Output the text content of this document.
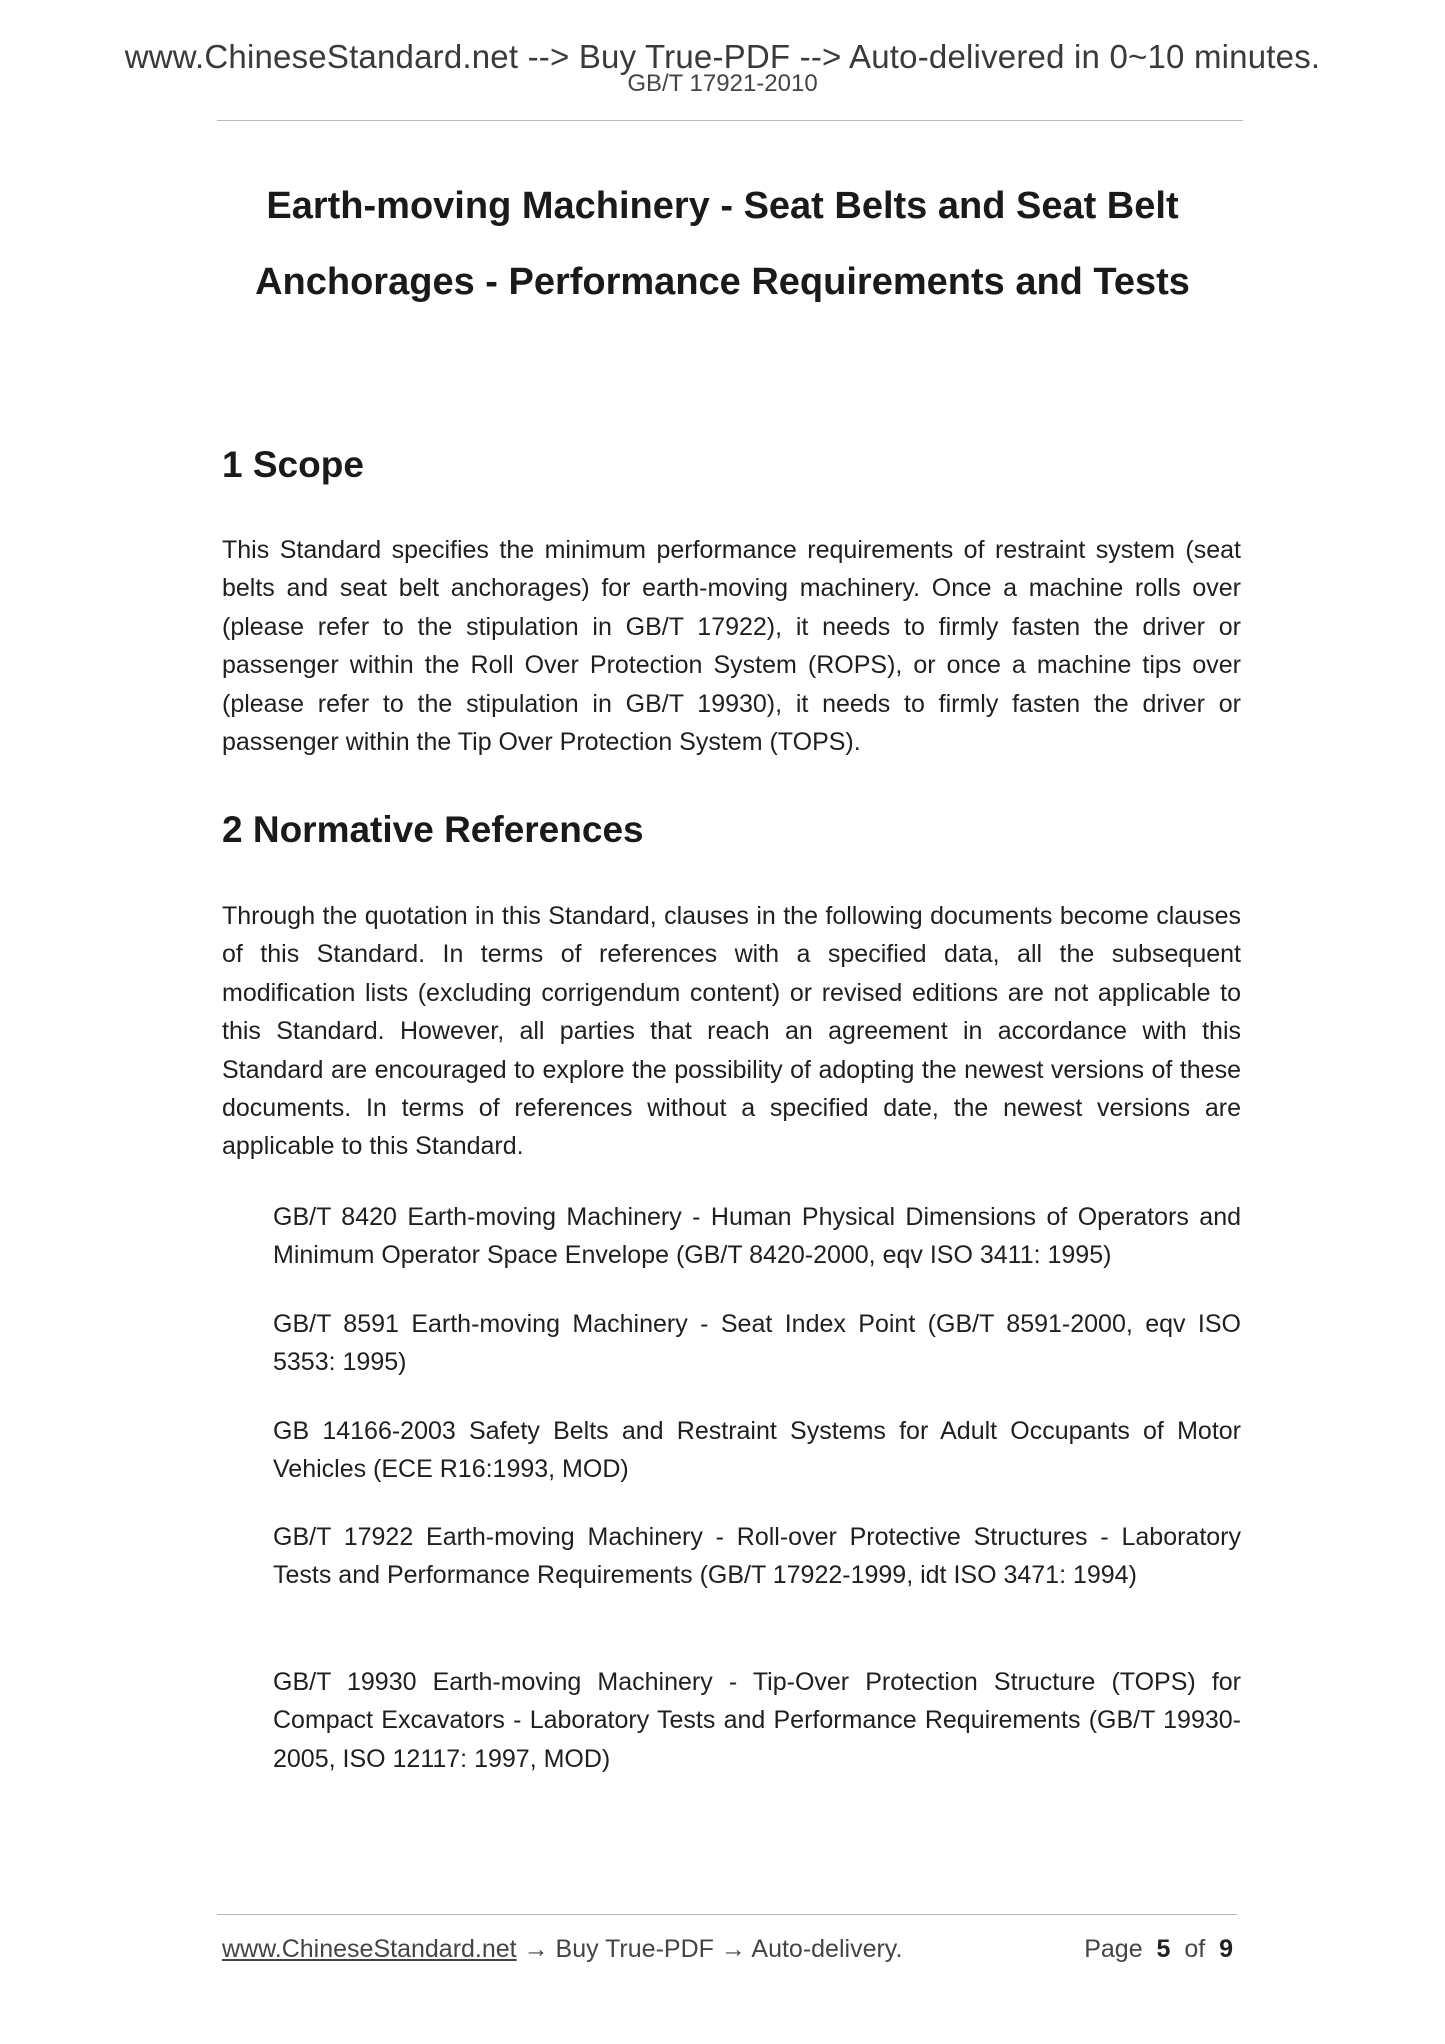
www.ChineseStandard.net --> Buy True-PDF --> Auto-delivered in 0~10 minutes.
GB/T 17921-2010
Earth-moving Machinery - Seat Belts and Seat Belt
Anchorages - Performance Requirements and Tests
1 Scope
This Standard specifies the minimum performance requirements of restraint system (seat belts and seat belt anchorages) for earth-moving machinery. Once a machine rolls over (please refer to the stipulation in GB/T 17922), it needs to firmly fasten the driver or passenger within the Roll Over Protection System (ROPS), or once a machine tips over (please refer to the stipulation in GB/T 19930), it needs to firmly fasten the driver or passenger within the Tip Over Protection System (TOPS).
2 Normative References
Through the quotation in this Standard, clauses in the following documents become clauses of this Standard. In terms of references with a specified data, all the subsequent modification lists (excluding corrigendum content) or revised editions are not applicable to this Standard. However, all parties that reach an agreement in accordance with this Standard are encouraged to explore the possibility of adopting the newest versions of these documents. In terms of references without a specified date, the newest versions are applicable to this Standard.
GB/T 8420 Earth-moving Machinery - Human Physical Dimensions of Operators and Minimum Operator Space Envelope (GB/T 8420-2000, eqv ISO 3411: 1995)
GB/T 8591 Earth-moving Machinery - Seat Index Point (GB/T 8591-2000, eqv ISO 5353: 1995)
GB 14166-2003 Safety Belts and Restraint Systems for Adult Occupants of Motor Vehicles (ECE R16:1993, MOD)
GB/T 17922 Earth-moving Machinery - Roll-over Protective Structures - Laboratory Tests and Performance Requirements (GB/T 17922-1999, idt ISO 3471: 1994)
GB/T 19930 Earth-moving Machinery - Tip-Over Protection Structure (TOPS) for Compact Excavators - Laboratory Tests and Performance Requirements (GB/T 19930-2005, ISO 12117: 1997, MOD)
www.ChineseStandard.net → Buy True-PDF → Auto-delivery.	Page 5 of 9
